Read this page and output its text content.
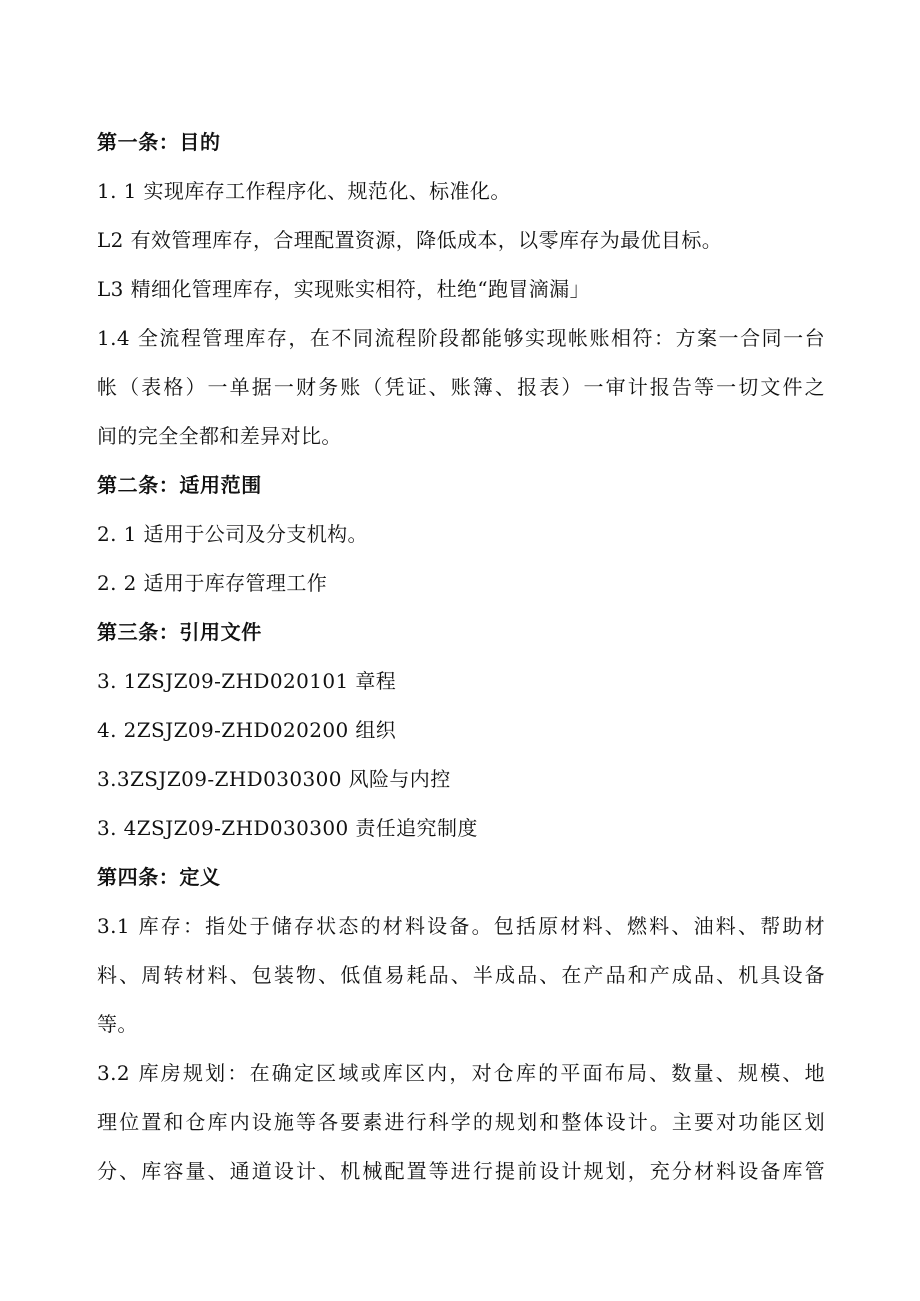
第一条：目的
1. 1 实现库存工作程序化、规范化、标准化。
L2 有效管理库存，合理配置资源，降低成本，以零库存为最优目标。
L3 精细化管理库存，实现账实相符，杜绝“跑冒滴漏」
1.4 全流程管理库存，在不同流程阶段都能够实现帐账相符：方案一合同一台
帐（表格）一单据一财务账（凭证、账簿、报表）一审计报告等一切文件之
间的完全全都和差异对比。
第二条：适用范围
2. 1 适用于公司及分支机构。
2. 2 适用于库存管理工作
第三条：引用文件
3. 1ZSJZ09-ZHD020101 章程
4. 2ZSJZ09-ZHD020200 组织
3.3ZSJZ09-ZHD030300 风险与内控
3. 4ZSJZ09-ZHD030300 责任追究制度
第四条：定义
3.1 库存：指处于储存状态的材料设备。包括原材料、燃料、油料、帮助材
料、周转材料、包装物、低值易耗品、半成品、在产品和产成品、机具设备
等。
3.2 库房规划：在确定区域或库区内，对仓库的平面布局、数量、规模、地
理位置和仓库内设施等各要素进行科学的规划和整体设计。主要对功能区划
分、库容量、通道设计、机械配置等进行提前设计规划，充分材料设备库管
